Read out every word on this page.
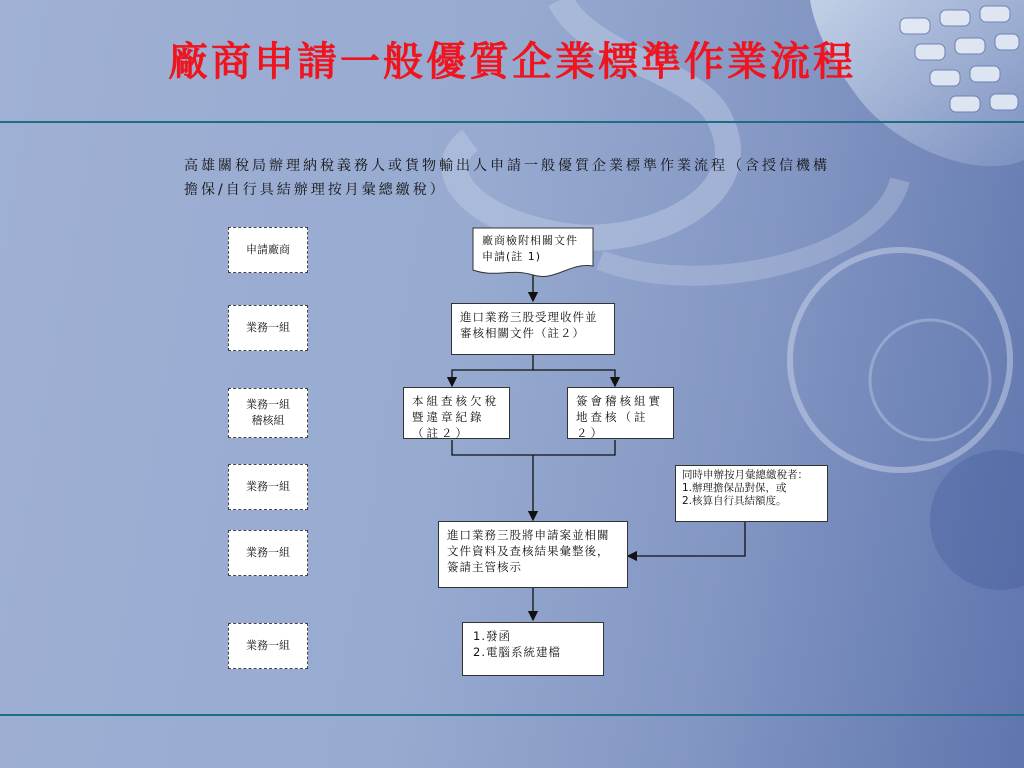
廠商申請一般優質企業標準作業流程
高雄關稅局辦理納稅義務人或貨物輸出人申請一般優質企業標準作業流程（含授信機構擔保/自行具結辦理按月彙總繳稅）
申請廠商
業務一組
業務一組
稽核組
業務一組
業務一組
業務一組
廠商檢附相關文件申請(註 1)
進口業務三股受理收件並審核相關文件（註２）
本組查核欠稅暨違章紀錄（註２）
簽會稽核組實地查核（註２）
同時申辦按月彙總繳稅者：
1.辦理擔保品對保，或
2.核算自行具結額度。
進口業務三股將申請案並相關文件資料及查核結果彙整後，簽請主管核示
1.發函
2.電腦系統建檔
